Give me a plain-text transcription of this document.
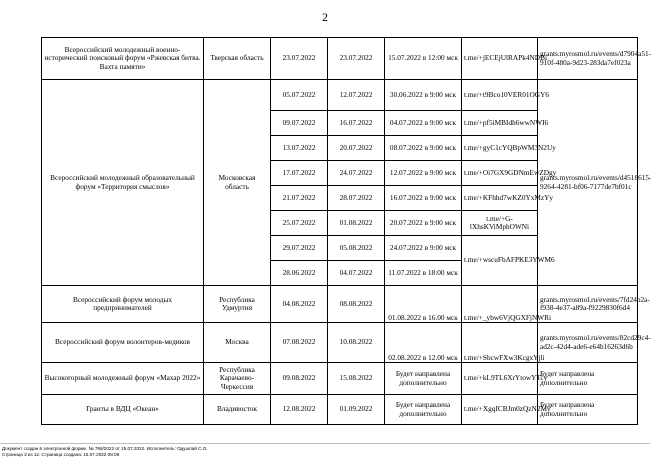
2
Всероссийский молодежный военно-исторический поисковый форум «Ржевская битва. Вахта памяти»	Тверская область	23.07.2022	23.07.2022	15.07.2022 в 12:00 мск	t.me/+jECEjUlRAPk4NDBi	grants.myrosmol.ru/events/d7904a51-910f-480a-9d23-283da7ef023a
Всероссийский молодежный образовательный форум «Территория смыслов»	Московская область	05.07.2022	12.07.2022	30.06.2022 в 9:00 мск	t.me/+t9Bco10VER01OGY6	grants.myrosmol.ru/events/d4518615-9264-4281-bf06-7177de7bf01c
		09.07.2022	16.07.2022	04.07.2022 в 9:00 мск	t.me/+pf5iMBIdh6wwNWI6	
		13.07.2022	20.07.2022	08.07.2022 в 9:00 мск	t.me/+gyC1cYQBpWM3N2Uy	
		17.07.2022	24.07.2022	12.07.2022 в 9:00 мск	t.me/+Oi7GX9GDNmEwZDgy	
		21.07.2022	28.07.2022	16.07.2022 в 9:00 мск	t.me/+KFhhd7wKZ0YxMzYy	
		25.07.2022	01.08.2022	20.07.2022 в 9:00 мск	t.me/+G-lXhsKViMphOWNi	
		29.07.2022	05.08.2022	24.07.2022 в 9:00 мск	t.me/+wscuFbAFPKE3YWM6	
		28.06.2022	04.07.2022	11.07.2022 в 18:00 мск		
Всероссийский форум молодых предпринимателей	Республика Удмуртия	04.08.2022	08.08.2022	01.08.2022 в 16.00 мск	t.me/+_ybw6VjQGXFjNWRi	grants.myrosmol.ru/events/7fd24b2a-f938-4e37-a89a-f9229830f6d4
Всероссийский форум волонтеров-медиков	Москва	07.08.2022	10.08.2022	02.08.2022 в 12.00 мск	t.me/+SbcwFXw3KcgxYjli	grants.myrosmol.ru/events/82cd29c4-ad2c-42d4-ade6-e64b16263d6b
Высокогорный молодежный форум «Махар 2022»	Республика Карачаево-Черкессия	09.08.2022	15.08.2022	Будет направлена дополнительно	t.me/+kL9TL6XrYtowYTcy	Будет направлена дополнительно
Гранты в ВДЦ «Океан»	Владивосток	12.08.2022	01.09.2022	Будет направлена дополнительно	t.me/+XgqICBJm0zQzN2My	Будет направлена дополнительно
Документ создан в электронной форме. № 796/2022 от 15.07.2022. Исполнитель: Одушпай С.О.
Страница 3 из 12. Страница создана: 15.07.2022 08:08
